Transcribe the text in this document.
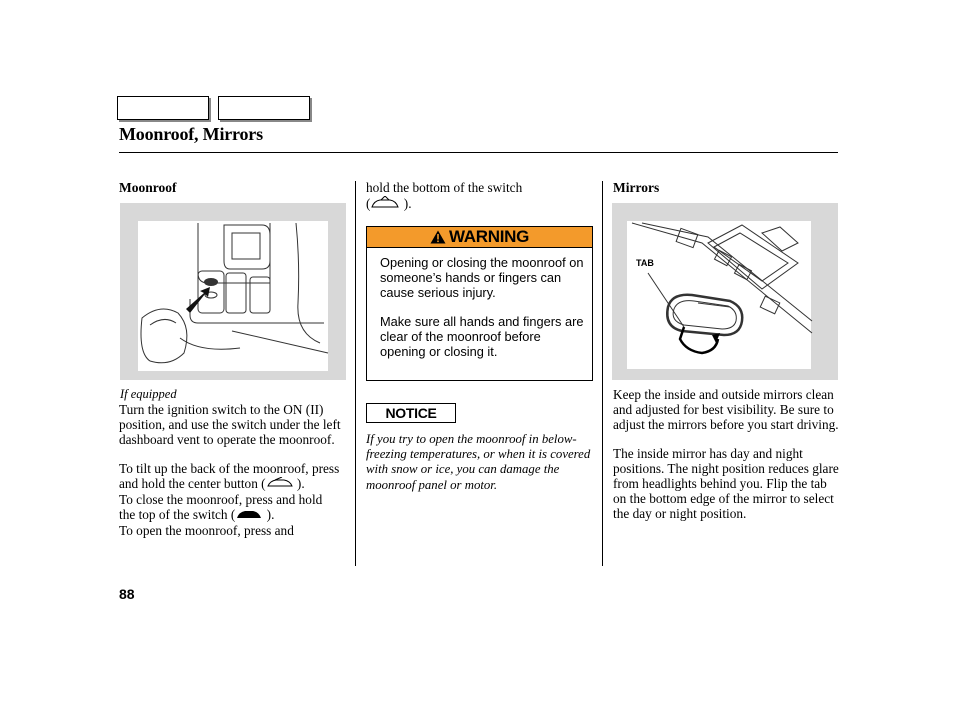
Moonroof, Mirrors
Moonroof
If equipped

Turn the ignition switch to the ON (II) position, and use the switch under the left dashboard vent to operate the moonroof.

To tilt up the back of the moonroof, press and hold the center button ( ).

To close the moonroof, press and hold the top of the switch ( ).

To open the moonroof, press and

hold the bottom of the switch

(	).

WARNING

Opening or closing the moonroof on someone’s hands or fingers can cause serious injury.

Make sure all hands and fingers are clear of the moonroof before opening or closing it.

NOTICE

If you try to open the moonroof in below-freezing temperatures, or when it is covered with snow or ice, you can damage the moonroof panel or motor.

Mirrors
TAB

Keep the inside and outside mirrors clean and adjusted for best visibility. Be sure to adjust the mirrors before you start driving.

The inside mirror has day and night positions. The night position reduces glare from headlights behind you. Flip the tab on the bottom edge of the mirror to select the day or night position.

88
